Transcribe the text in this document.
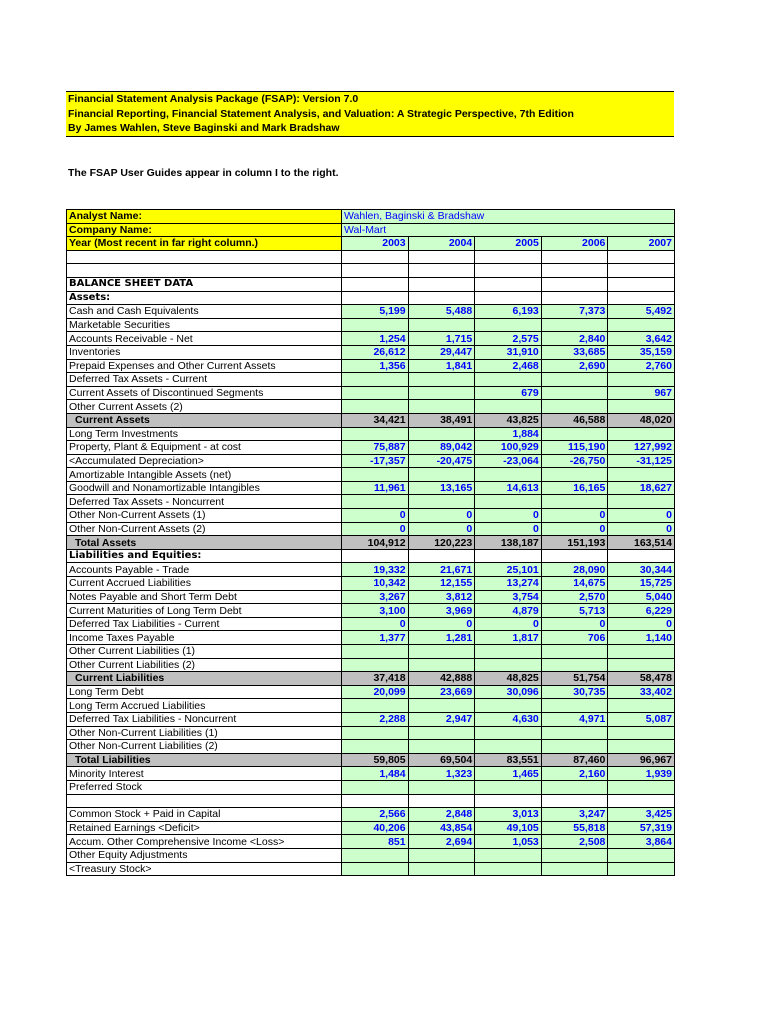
Financial Statement Analysis Package (FSAP): Version 7.0
Financial Reporting, Financial Statement Analysis, and Valuation: A Strategic Perspective, 7th Edition
By James Wahlen, Steve Baginski and Mark Bradshaw
The FSAP User Guides appear in column I to the right.
Analyst Name:	Wahlen, Baginski & Bradshaw				
Company Name:	Wal-Mart				
Year (Most recent in far right column.)	2003	2004	2005	2006	2007

BALANCE SHEET DATA					
Assets:					
Cash and Cash Equivalents	5,199	5,488	6,193	7,373	5,492
Marketable Securities					
Accounts Receivable - Net	1,254	1,715	2,575	2,840	3,642
Inventories	26,612	29,447	31,910	33,685	35,159
Prepaid Expenses and Other Current Assets	1,356	1,841	2,468	2,690	2,760
Deferred Tax Assets - Current					
Current Assets of Discontinued Segments			679		967
Other Current Assets (2)					
Current Assets	34,421	38,491	43,825	46,588	48,020
Long Term Investments			1,884		
Property, Plant & Equipment - at cost	75,887	89,042	100,929	115,190	127,992
<Accumulated Depreciation>	-17,357	-20,475	-23,064	-26,750	-31,125
Amortizable Intangible Assets (net)					
Goodwill and Nonamortizable Intangibles	11,961	13,165	14,613	16,165	18,627
Deferred Tax Assets - Noncurrent					
Other Non-Current Assets (1)	0	0	0	0	0
Other Non-Current Assets (2)	0	0	0	0	0
Total Assets	104,912	120,223	138,187	151,193	163,514
Liabilities and Equities:					
Accounts Payable - Trade	19,332	21,671	25,101	28,090	30,344
Current Accrued Liabilities	10,342	12,155	13,274	14,675	15,725
Notes Payable and Short Term Debt	3,267	3,812	3,754	2,570	5,040
Current Maturities of Long Term Debt	3,100	3,969	4,879	5,713	6,229
Deferred Tax Liabilities - Current	0	0	0	0	0
Income Taxes Payable	1,377	1,281	1,817	706	1,140
Other Current Liabilities (1)					
Other Current Liabilities (2)					
Current Liabilities	37,418	42,888	48,825	51,754	58,478
Long Term Debt	20,099	23,669	30,096	30,735	33,402
Long Term Accrued Liabilities					
Deferred Tax Liabilities - Noncurrent	2,288	2,947	4,630	4,971	5,087
Other Non-Current Liabilities (1)					
Other Non-Current Liabilities (2)					
Total Liabilities	59,805	69,504	83,551	87,460	96,967
Minority Interest	1,484	1,323	1,465	2,160	1,939
Preferred Stock					

Common Stock + Paid in Capital	2,566	2,848	3,013	3,247	3,425
Retained Earnings <Deficit>	40,206	43,854	49,105	55,818	57,319
Accum. Other Comprehensive Income <Loss>	851	2,694	1,053	2,508	3,864
Other Equity Adjustments					
<Treasury Stock>					
